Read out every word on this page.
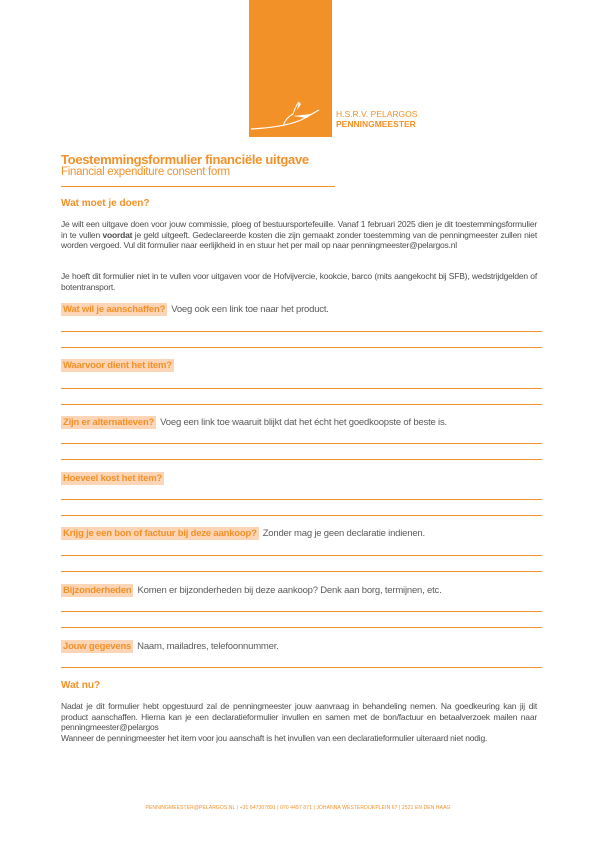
H.S.R.V. PELARGOS
PENNINGMEESTER
Toestemmingsformulier financiële uitgave
Financial expenditure consent form
Wat moet je doen?
Je wilt een uitgave doen voor jouw commissie, ploeg of bestuursportefeuille. Vanaf 1 februari 2025 dien je dit toestemmingsformulier in te vullen voordat je geld uitgeeft. Gedeclareerde kosten die zijn gemaakt zonder toestemming van de penningmeester zullen niet worden vergoed. Vul dit formulier naar eerlijkheid in en stuur het per mail op naar penningmeester@pelargos.nl
Je hoeft dit formulier niet in te vullen voor uitgaven voor de Hofvijvercie, kookcie, barco (mits aangekocht bij SFB), wedstrijdgelden of botentransport.
Wat wil je aanschaffen? Voeg ook een link toe naar het product.
Waarvoor dient het item?
Zijn er alternatieven? Voeg een link toe waaruit blijkt dat het écht het goedkoopste of beste is.
Hoeveel kost het item?
Krijg je een bon of factuur bij deze aankoop? Zonder mag je geen declaratie indienen.
Bijzonderheden Komen er bijzonderheden bij deze aankoop? Denk aan borg, termijnen, etc.
Jouw gegevens Naam, mailadres, telefoonnummer.
Wat nu?
Nadat je dit formulier hebt opgestuurd zal de penningmeester jouw aanvraag in behandeling nemen. Na goedkeuring kan jij dit product aanschaffen. Hierna kan je een declaratieformulier invullen en samen met de bon/factuur en betaalverzoek mailen naar penningmeester@pelargos
Wanneer de penningmeester het item voor jou aanschaft is het invullen van een declaratieformulier uiteraard niet nodig.
PENNINGMEESTER@PELARGOS.NL | +31 647307891 | 070 4457 871 | JOHANNA WESTERDIJKPLEIN 67 | 2521 EN DEN HAAG
